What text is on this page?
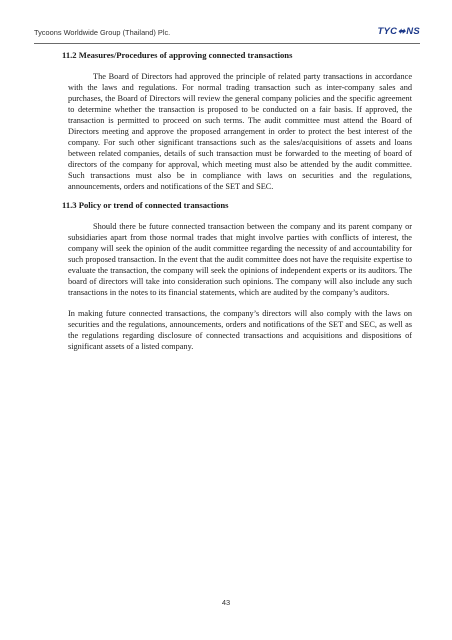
Tycoons Worldwide Group (Thailand) Plc.	TYC⬌NS
11.2 Measures/Procedures of approving connected transactions

The Board of Directors had approved the principle of related party transactions in accordance with the laws and regulations. For normal trading transaction such as inter-company sales and purchases, the Board of Directors will review the general company policies and the specific agreement to determine whether the transaction is proposed to be conducted on a fair basis. If approved, the transaction is permitted to proceed on such terms. The audit committee must attend the Board of Directors meeting and approve the proposed arrangement in order to protect the best interest of the company. For such other significant transactions such as the sales/acquisitions of assets and loans between related companies, details of such transaction must be forwarded to the meeting of board of directors of the company for approval, which meeting must also be attended by the audit committee. Such transactions must also be in compliance with laws on securities and the regulations, announcements, orders and notifications of the SET and SEC.

11.3 Policy or trend of connected transactions

Should there be future connected transaction between the company and its parent company or subsidiaries apart from those normal trades that might involve parties with conflicts of interest, the company will seek the opinion of the audit committee regarding the necessity of and accountability for such proposed transaction. In the event that the audit committee does not have the requisite expertise to evaluate the transaction, the company will seek the opinions of independent experts or its auditors. The board of directors will take into consideration such opinions. The company will also include any such transactions in the notes to its financial statements, which are audited by the company’s auditors.

In making future connected transactions, the company’s directors will also comply with the laws on securities and the regulations, announcements, orders and notifications of the SET and SEC, as well as the regulations regarding disclosure of connected transactions and acquisitions and dispositions of significant assets of a listed company.

43
